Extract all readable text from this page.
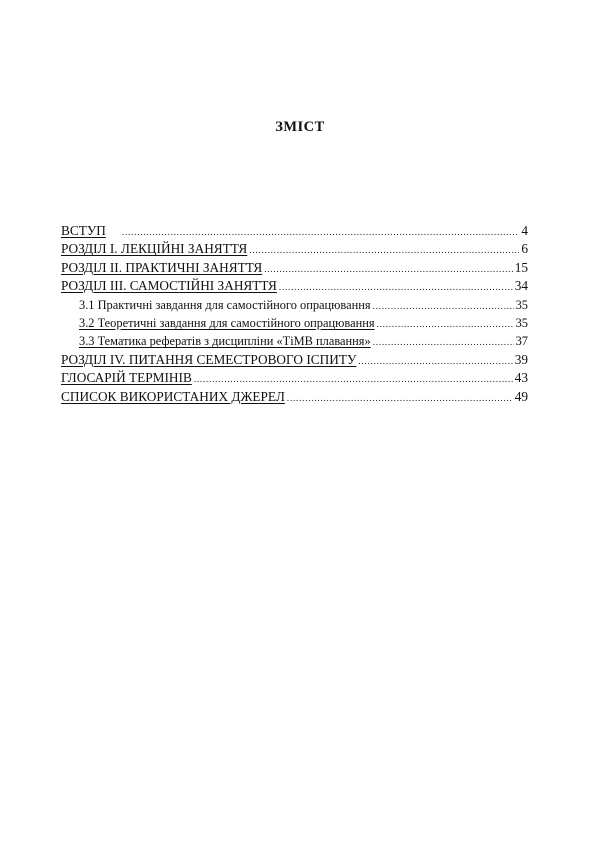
ЗМІСТ
ВСТУП .....	4
РОЗДІЛ І. ЛЕКЦІЙНІ ЗАНЯТТЯ .....	6
РОЗДІЛ ІІ. ПРАКТИЧНІ ЗАНЯТТЯ .....	15
РОЗДІЛ ІІІ. САМОСТІЙНІ ЗАНЯТТЯ .....	34
3.1 Практичні завдання для самостійного опрацювання .....	35
3.2 Теоретичні завдання для самостійного опрацювання .....	35
3.3 Тематика рефератів з дисципліни «ТіМВ плавання» .....	37
РОЗДІЛ IV. ПИТАННЯ СЕМЕСТРОВОГО ІСПИТУ .....	39
ГЛОСАРІЙ ТЕРМІНІВ .....	43
СПИСОК ВИКОРИСТАНИХ ДЖЕРЕЛ .....	49
